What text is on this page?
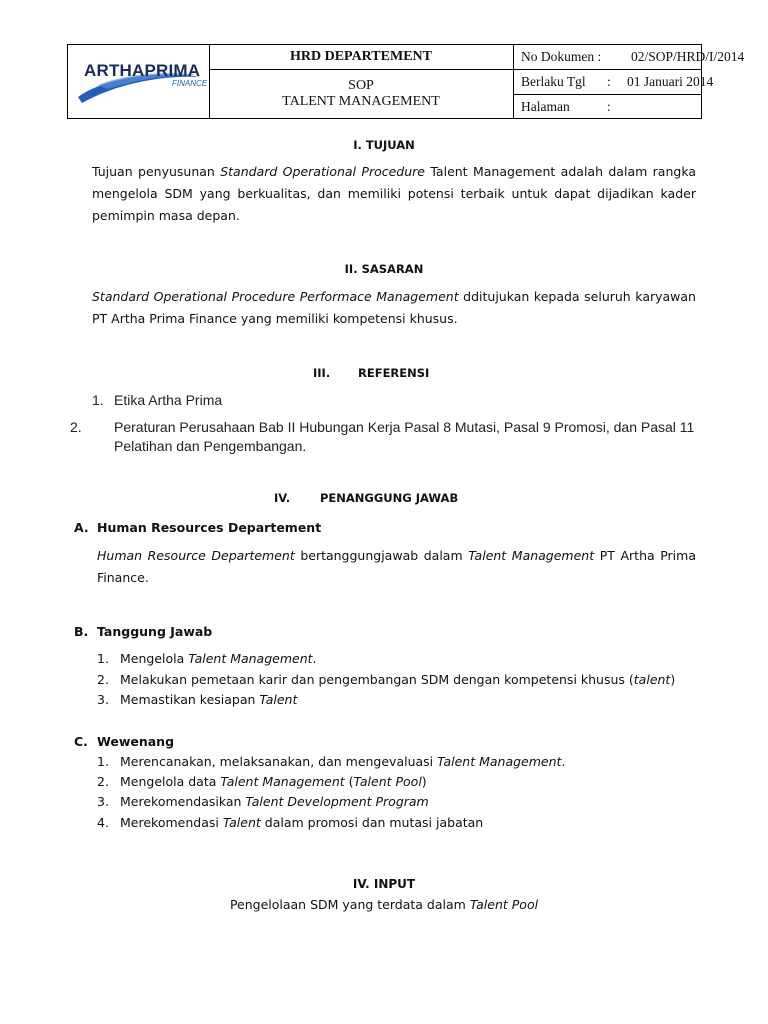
ARTHAPRIMA
FINANCE
HRD DEPARTEMENT
SOP
TALENT MANAGEMENT
No Dokumen : 02/SOP/HRD/I/2014
Berlaku Tgl : 01 Januari 2014
Halaman	:
I. TUJUAN
Tujuan penyusunan Standard Operational Procedure Talent Management adalah dalam rangka mengelola SDM yang berkualitas, dan memiliki potensi terbaik untuk dapat dijadikan kader pemimpin masa depan.
II. SASARAN
Standard Operational Procedure Performace Management dditujukan kepada seluruh karyawan PT Artha Prima Finance yang memiliki kompetensi khusus.
III. REFERENSI
1. Etika Artha Prima
2. Peraturan Perusahaan Bab II Hubungan Kerja Pasal 8 Mutasi, Pasal 9 Promosi, dan Pasal 11 Pelatihan dan Pengembangan.
IV.	PENANGGUNG JAWAB
A. Human Resources Departement
Human Resource Departement bertanggungjawab dalam Talent Management PT Artha Prima Finance.
B. Tanggung Jawab
1. Mengelola Talent Management.
2. Melakukan pemetaan karir dan pengembangan SDM dengan kompetensi khusus (talent)
3. Memastikan kesiapan Talent
C. Wewenang
1. Merencanakan, melaksanakan, dan mengevaluasi Talent Management.
2. Mengelola data Talent Management (Talent Pool)
3. Merekomendasikan Talent Development Program
4. Merekomendasi Talent dalam promosi dan mutasi jabatan
IV. INPUT
Pengelolaan SDM yang terdata dalam Talent Pool
